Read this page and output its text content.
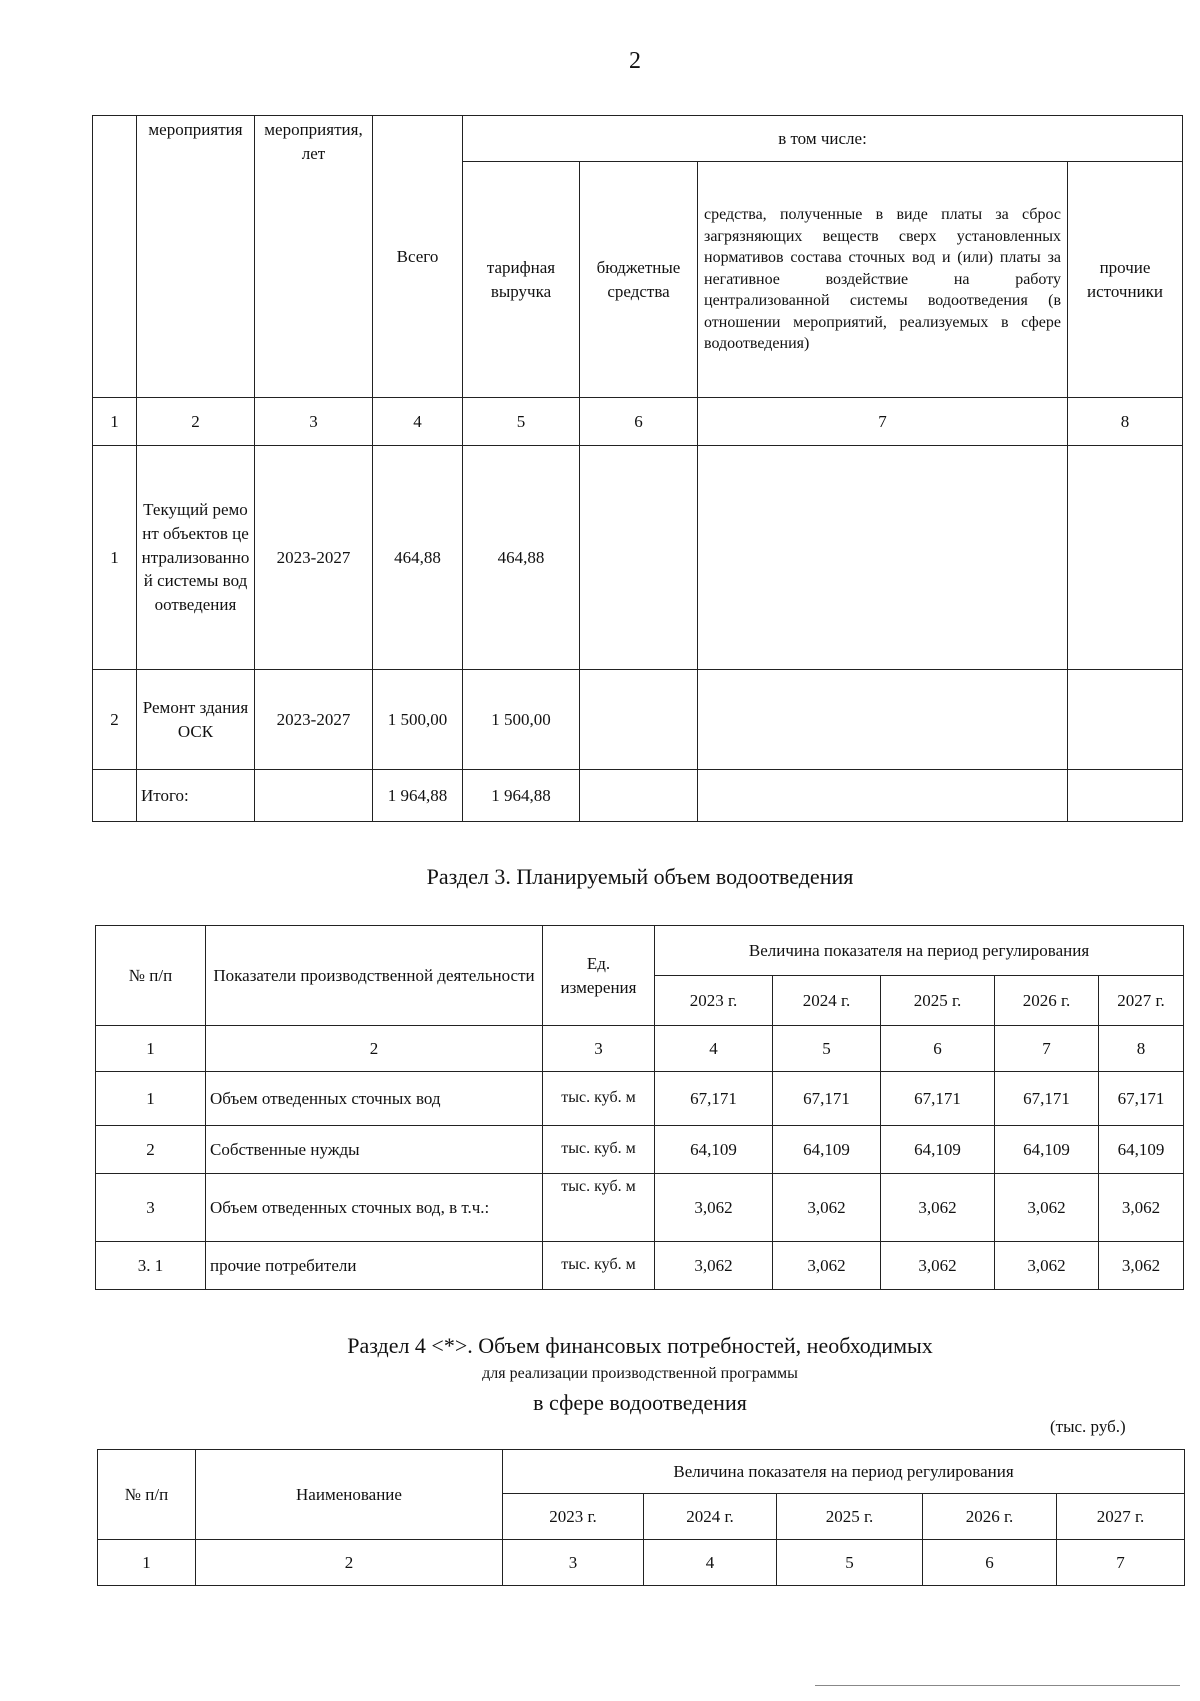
2
	мероприятия	мероприятия, лет	Всего	в том числе:			
				тарифная выручка	бюджетные средства	средства, полученные в виде платы за сброс загрязняющих веществ сверх установленных нормативов состава сточных вод и (или) платы за негативное воздействие на работу централизованной системы водоотведения (в отношении мероприятий, реализуемых в сфере водоотведения)	прочие источники
1	2	3	4	5	6	7	8
1	Текущий ремонт объектов централизованной системы водоотведения	2023-2027	464,88	464,88			
2	Ремонт здания ОСК	2023-2027	1 500,00	1 500,00			
	Итого:		1 964,88	1 964,88			
Раздел 3. Планируемый объем водоотведения
№ п/п	Показатели производственной деятельности	Ед. измерения	Величина показателя на период регулирования				
			2023 г.	2024 г.	2025 г.	2026 г.	2027 г.
1	2	3	4	5	6	7	8
1	Объем отведенных сточных вод	тыс. куб. м	67,171	67,171	67,171	67,171	67,171
2	Собственные нужды	тыс. куб. м	64,109	64,109	64,109	64,109	64,109
3	Объем отведенных сточных вод, в т.ч.:	тыс. куб. м	3,062	3,062	3,062	3,062	3,062
3. 1	прочие потребители	тыс. куб. м	3,062	3,062	3,062	3,062	3,062
Раздел 4 <*>. Объем финансовых потребностей, необходимых
для реализации производственной программы
в сфере водоотведения
(тыс. руб.)
№ п/п	Наименование	Величина показателя на период регулирования				
		2023 г.	2024 г.	2025 г.	2026 г.	2027 г.
1	2	3	4	5	6	7
